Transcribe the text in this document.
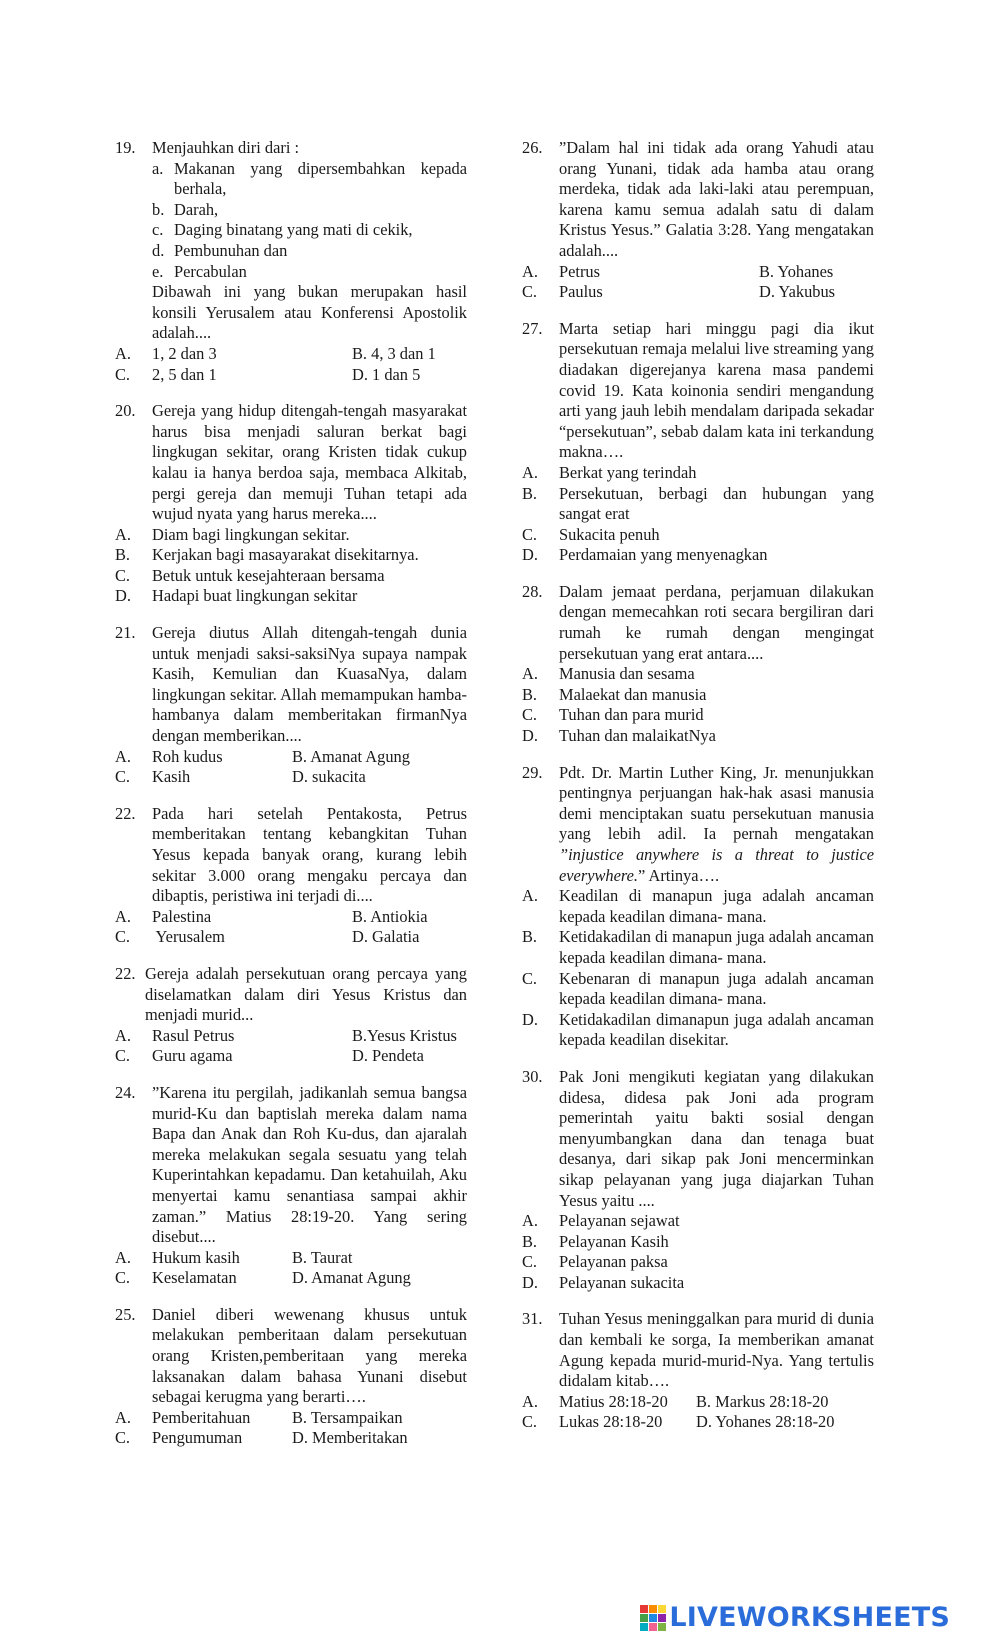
19.	Menjauhkan diri dari :
a. Makanan yang dipersembahkan kepada berhala,
b. Darah,
c. Daging binatang yang mati di cekik,
d. Pembunuhan dan
e. Percabulan
Dibawah ini yang bukan merupakan hasil konsili Yerusalem atau Konferensi Apostolik adalah....
A.	1, 2 dan 3	B. 4, 3 dan 1
C.	2, 5 dan 1	D. 1 dan 5
20.	Gereja yang hidup ditengah-tengah masyarakat harus bisa menjadi saluran berkat bagi lingkugan sekitar, orang Kristen tidak cukup kalau ia hanya berdoa saja, membaca Alkitab, pergi gereja dan memuji Tuhan tetapi ada wujud nyata yang harus mereka....
A.	Diam bagi lingkungan sekitar.
B.	Kerjakan bagi masayarakat disekitarnya.
C.	Betuk untuk kesejahteraan bersama
D.	Hadapi buat lingkungan sekitar
21.	Gereja diutus Allah ditengah-tengah dunia untuk menjadi saksi-saksiNya supaya nampak Kasih, Kemulian dan KuasaNya, dalam lingkungan sekitar. Allah memampukan hamba-hambanya dalam memberitakan firmanNya dengan memberikan....
A.	Roh kudus	B. Amanat Agung
C.	Kasih	D. sukacita
22.	Pada hari setelah Pentakosta, Petrus memberitakan tentang kebangkitan Tuhan Yesus kepada banyak orang, kurang lebih sekitar 3.000 orang mengaku percaya dan dibaptis, peristiwa ini terjadi di....
A.	Palestina	B. Antiokia
C.	Yerusalem	D. Galatia
22. Gereja adalah persekutuan orang percaya yang diselamatkan dalam diri Yesus Kristus dan menjadi murid...
A.	Rasul Petrus	B.Yesus Kristus
C.	Guru agama	D. Pendeta
24.	”Karena itu pergilah, jadikanlah semua bangsa murid-Ku dan baptislah mereka dalam nama Bapa dan Anak dan Roh Ku-dus, dan ajaralah mereka melakukan segala sesuatu yang telah Kuperintahkan kepadamu. Dan ketahuilah, Aku menyertai kamu senantiasa sampai akhir zaman.” Matius 28:19-20. Yang sering disebut....
A.	Hukum kasih	B. Taurat
C.	Keselamatan	D. Amanat Agung
25.	Daniel diberi wewenang khusus untuk melakukan pemberitaan dalam persekutuan orang Kristen,pemberitaan yang mereka laksanakan dalam bahasa Yunani disebut sebagai kerugma yang berarti….
A.	Pemberitahuan	B. Tersampaikan
C.	Pengumuman	D. Memberitakan
26.	”Dalam hal ini tidak ada orang Yahudi atau orang Yunani, tidak ada hamba atau orang merdeka, tidak ada laki-laki atau perempuan, karena kamu semua adalah satu di dalam Kristus Yesus.” Galatia 3:28. Yang mengatakan adalah....
A.	Petrus	B. Yohanes
C.	Paulus	D. Yakubus
27.	Marta setiap hari minggu pagi dia ikut persekutuan remaja melalui live streaming yang diadakan digerejanya karena masa pandemi covid 19. Kata koinonia sendiri mengandung arti yang jauh lebih mendalam daripada sekadar “persekutuan”, sebab dalam kata ini terkandung makna….
A.	Berkat yang terindah
B.	Persekutuan, berbagi dan hubungan yang sangat erat
C.	Sukacita penuh
D.	Perdamaian yang menyenagkan
28.	Dalam jemaat perdana, perjamuan dilakukan dengan memecahkan roti secara bergiliran dari rumah ke rumah dengan mengingat persekutuan yang erat antara....
A.	Manusia dan sesama
B.	Malaekat dan manusia
C.	Tuhan dan para murid
D.	Tuhan dan malaikatNya
29.	Pdt. Dr. Martin Luther King, Jr. menunjukkan pentingnya perjuangan hak-hak asasi manusia demi menciptakan suatu persekutuan manusia yang lebih adil. Ia pernah mengatakan ”injustice anywhere is a threat to justice everywhere.” Artinya….
A.	Keadilan di manapun juga adalah ancaman kepada keadilan dimana- mana.
B.	Ketidakadilan di manapun juga adalah ancaman kepada keadilan dimana- mana.
C.	Kebenaran di manapun juga adalah ancaman kepada keadilan dimana- mana.
D.	Ketidakadilan dimanapun juga adalah ancaman kepada keadilan disekitar.
30.	Pak Joni mengikuti kegiatan yang dilakukan didesa, didesa pak Joni ada program pemerintah yaitu bakti sosial dengan menyumbangkan dana dan tenaga buat desanya, dari sikap pak Joni mencerminkan sikap pelayanan yang juga diajarkan Tuhan Yesus yaitu ....
A.	Pelayanan sejawat
B.	Pelayanan Kasih
C.	Pelayanan paksa
D.	Pelayanan sukacita
31.	Tuhan Yesus meninggalkan para murid di dunia dan kembali ke sorga, Ia memberikan amanat Agung kepada murid-murid-Nya. Yang tertulis didalam kitab….
A.	Matius 28:18-20	B. Markus 28:18-20
C.	Lukas 28:18-20	D. Yohanes 28:18-20
LIVEWORKSHEETS
